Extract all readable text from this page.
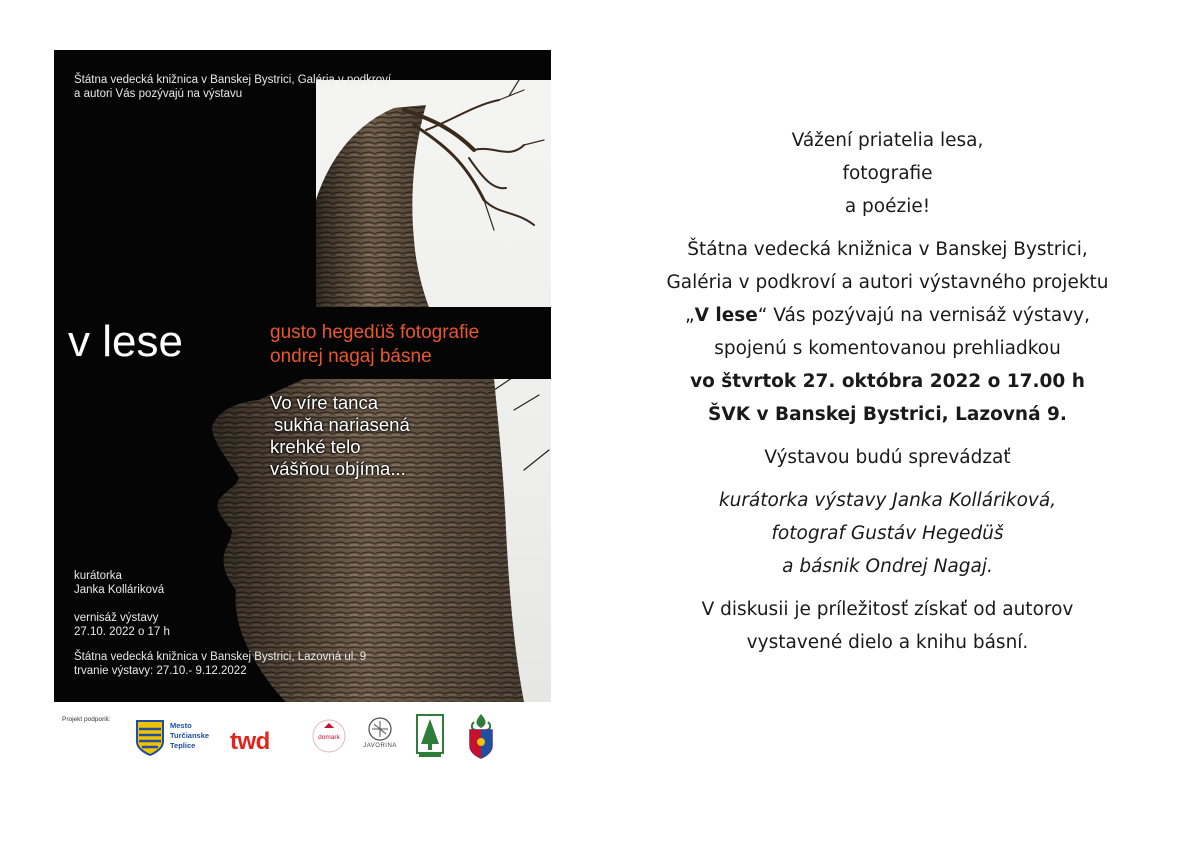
Štátna vedecká knižnica v Banskej Bystrici, Galéria v podkroví
a autori Vás pozývajú na výstavu
v lese	gusto hegedüš fotografie
ondrej nagaj básne
Vo víre tanca
sukňa nariasená
krehké telo
vášňou objíma...
kurátorka
Janka Kolláriková
vernisáž výstavy
27.10. 2022 o 17 h
Štátna vedecká knižnica v Banskej Bystrici, Lazovná ul. 9
trvanie výstavy: 27.10.- 9.12.2022
Projekt podporili:
Mesto
Turčianske
Teplice	twd	domark
JAVORINA
Vážení priatelia lesa,
fotografie
a poézie!
Štátna vedecká knižnica v Banskej Bystrici,
Galéria v podkroví a autori výstavného projektu
„V lese“ Vás pozývajú na vernisáž výstavy,
spojenú s komentovanou prehliadkou
vo štvrtok 27. októbra 2022 o 17.00 h
ŠVK v Banskej Bystrici, Lazovná 9.
Výstavou budú sprevádzať
kurátorka výstavy Janka Kolláriková,
fotograf Gustáv Hegedüš
a básnik Ondrej Nagaj.
V diskusii je príležitosť získať od autorov
vystavené dielo a knihu básní.
